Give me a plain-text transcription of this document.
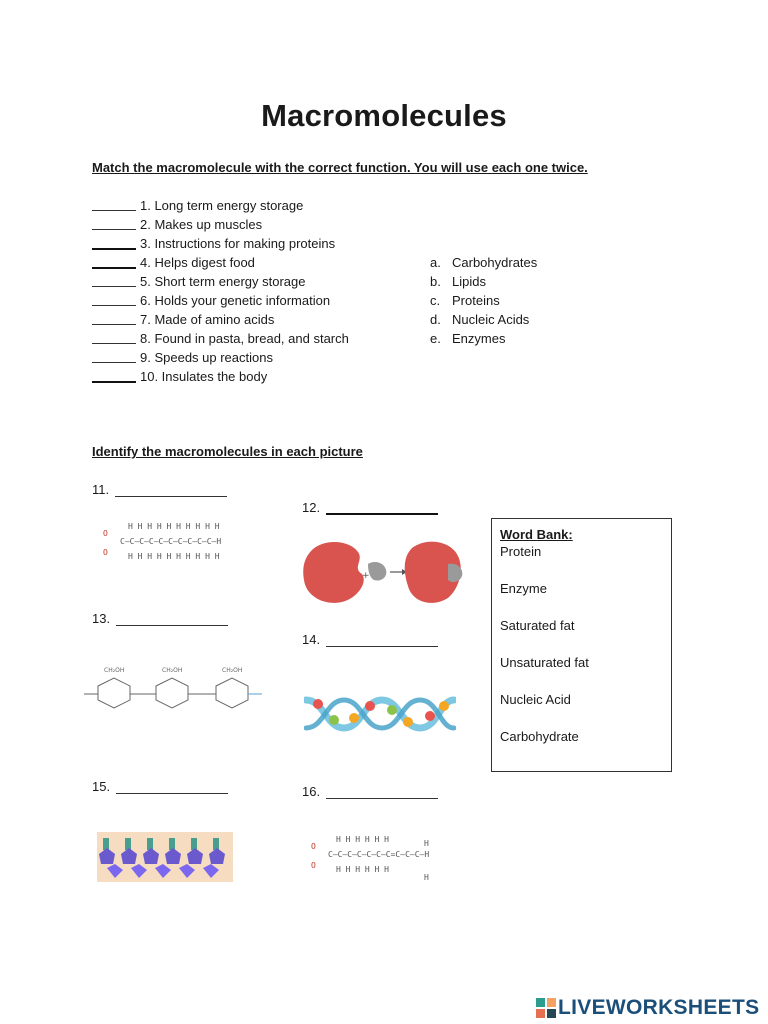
Macromolecules
Match the macromolecule with the correct function. You will use each one twice.
1. Long term energy storage
2. Makes up muscles
3. Instructions for making proteins
4. Helps digest food
5. Short term energy storage
6. Holds your genetic information
7. Made of amino acids
8. Found in pasta, bread, and starch
9. Speeds up reactions
10. Insulates the body
a. Carbohydrates
b. Lipids
c. Proteins
d. Nucleic Acids
e. Enzymes
Identify the macromolecules in each picture
11.
12.
13.
14.
15.	16.
H H H H H H H H H H
C–C–C–C–C–C–C–C–C–C–H
H H H H H H H H H H
O
O
+
CH₂OH	CH₂OH	CH₂OH
H H H H H H
C–C–C–C–C–C–C=C–C–C–H
H H H H H H
H
H
O
O
Word Bank:
Protein
Enzyme
Saturated fat
Unsaturated fat
Nucleic Acid
Carbohydrate
LIVEWORKSHEETS
